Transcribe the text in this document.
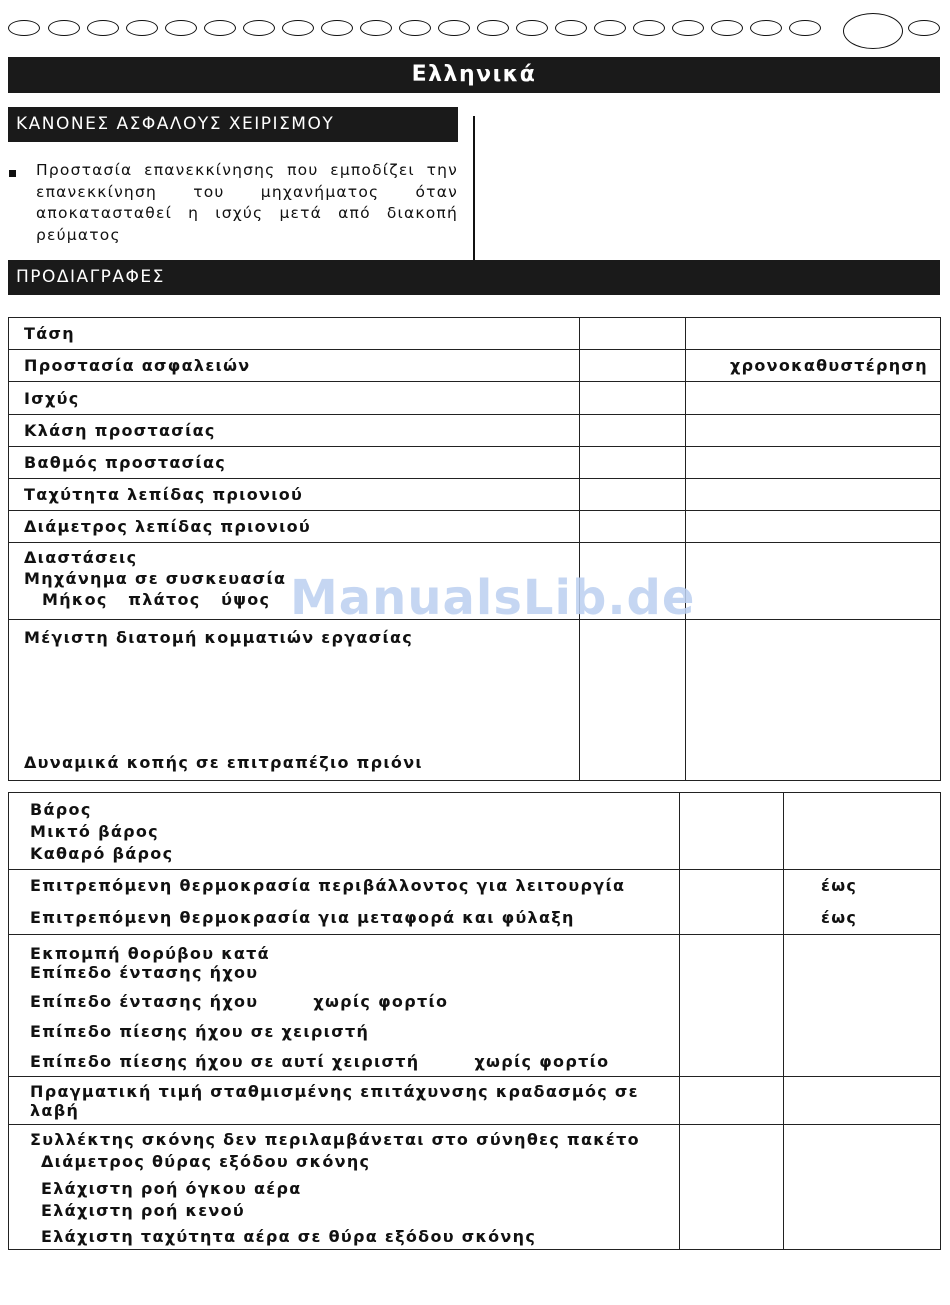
Ελληνικά
ΚΑΝΟΝΕΣ ΑΣΦΑΛΟΥΣ ΧΕΙΡΙΣΜΟΥ
Προστασία επανεκκίνησης που εμποδίζει την επανεκκίνηση του μηχανήματος όταν αποκατασταθεί η ισχύς μετά από διακοπή ρεύματος
ΠΡΟΔΙΑΓΡΑΦΕΣ
Τάση		
Προστασία ασφαλειών		χρονοκαθυστέρηση
Ισχύς		
Κλάση προστασίας		
Βαθμός προστασίας		
Ταχύτητα λεπίδας πριονιού		
Διάμετρος λεπίδας πριονιού		

Διαστάσεις
Μηχάνημα σε συσκευασία
Μήκος   πλάτος   ύψος		

Μέγιστη διατομή κομματιών εργασίας
Δυναμικά κοπής σε επιτραπέζιο πριόνι		

Βάρος
Μικτό βάρος
Καθαρό βάρος		

Επιτρεπόμενη θερμοκρασία περιβάλλοντος για λειτουργία		έως
Επιτρεπόμενη θερμοκρασία για μεταφορά και φύλαξη		έως

Εκπομπή θορύβου κατά
Επίπεδο έντασης ήχου		

Επίπεδο έντασης ήχου        χωρίς φορτίο		
Επίπεδο πίεσης ήχου σε χειριστή		
Επίπεδο πίεσης ήχου σε αυτί χειριστή        χωρίς φορτίο		
Πραγματική τιμή σταθμισμένης επιτάχυνσης κραδασμός σε λαβή		

Συλλέκτης σκόνης δεν περιλαμβάνεται στο σύνηθες πακέτο
Διάμετρος θύρας εξόδου σκόνης
Ελάχιστη ροή όγκου αέρα
Ελάχιστη ροή κενού
Ελάχιστη ταχύτητα αέρα σε θύρα εξόδου σκόνης		

ManualsLib.de
